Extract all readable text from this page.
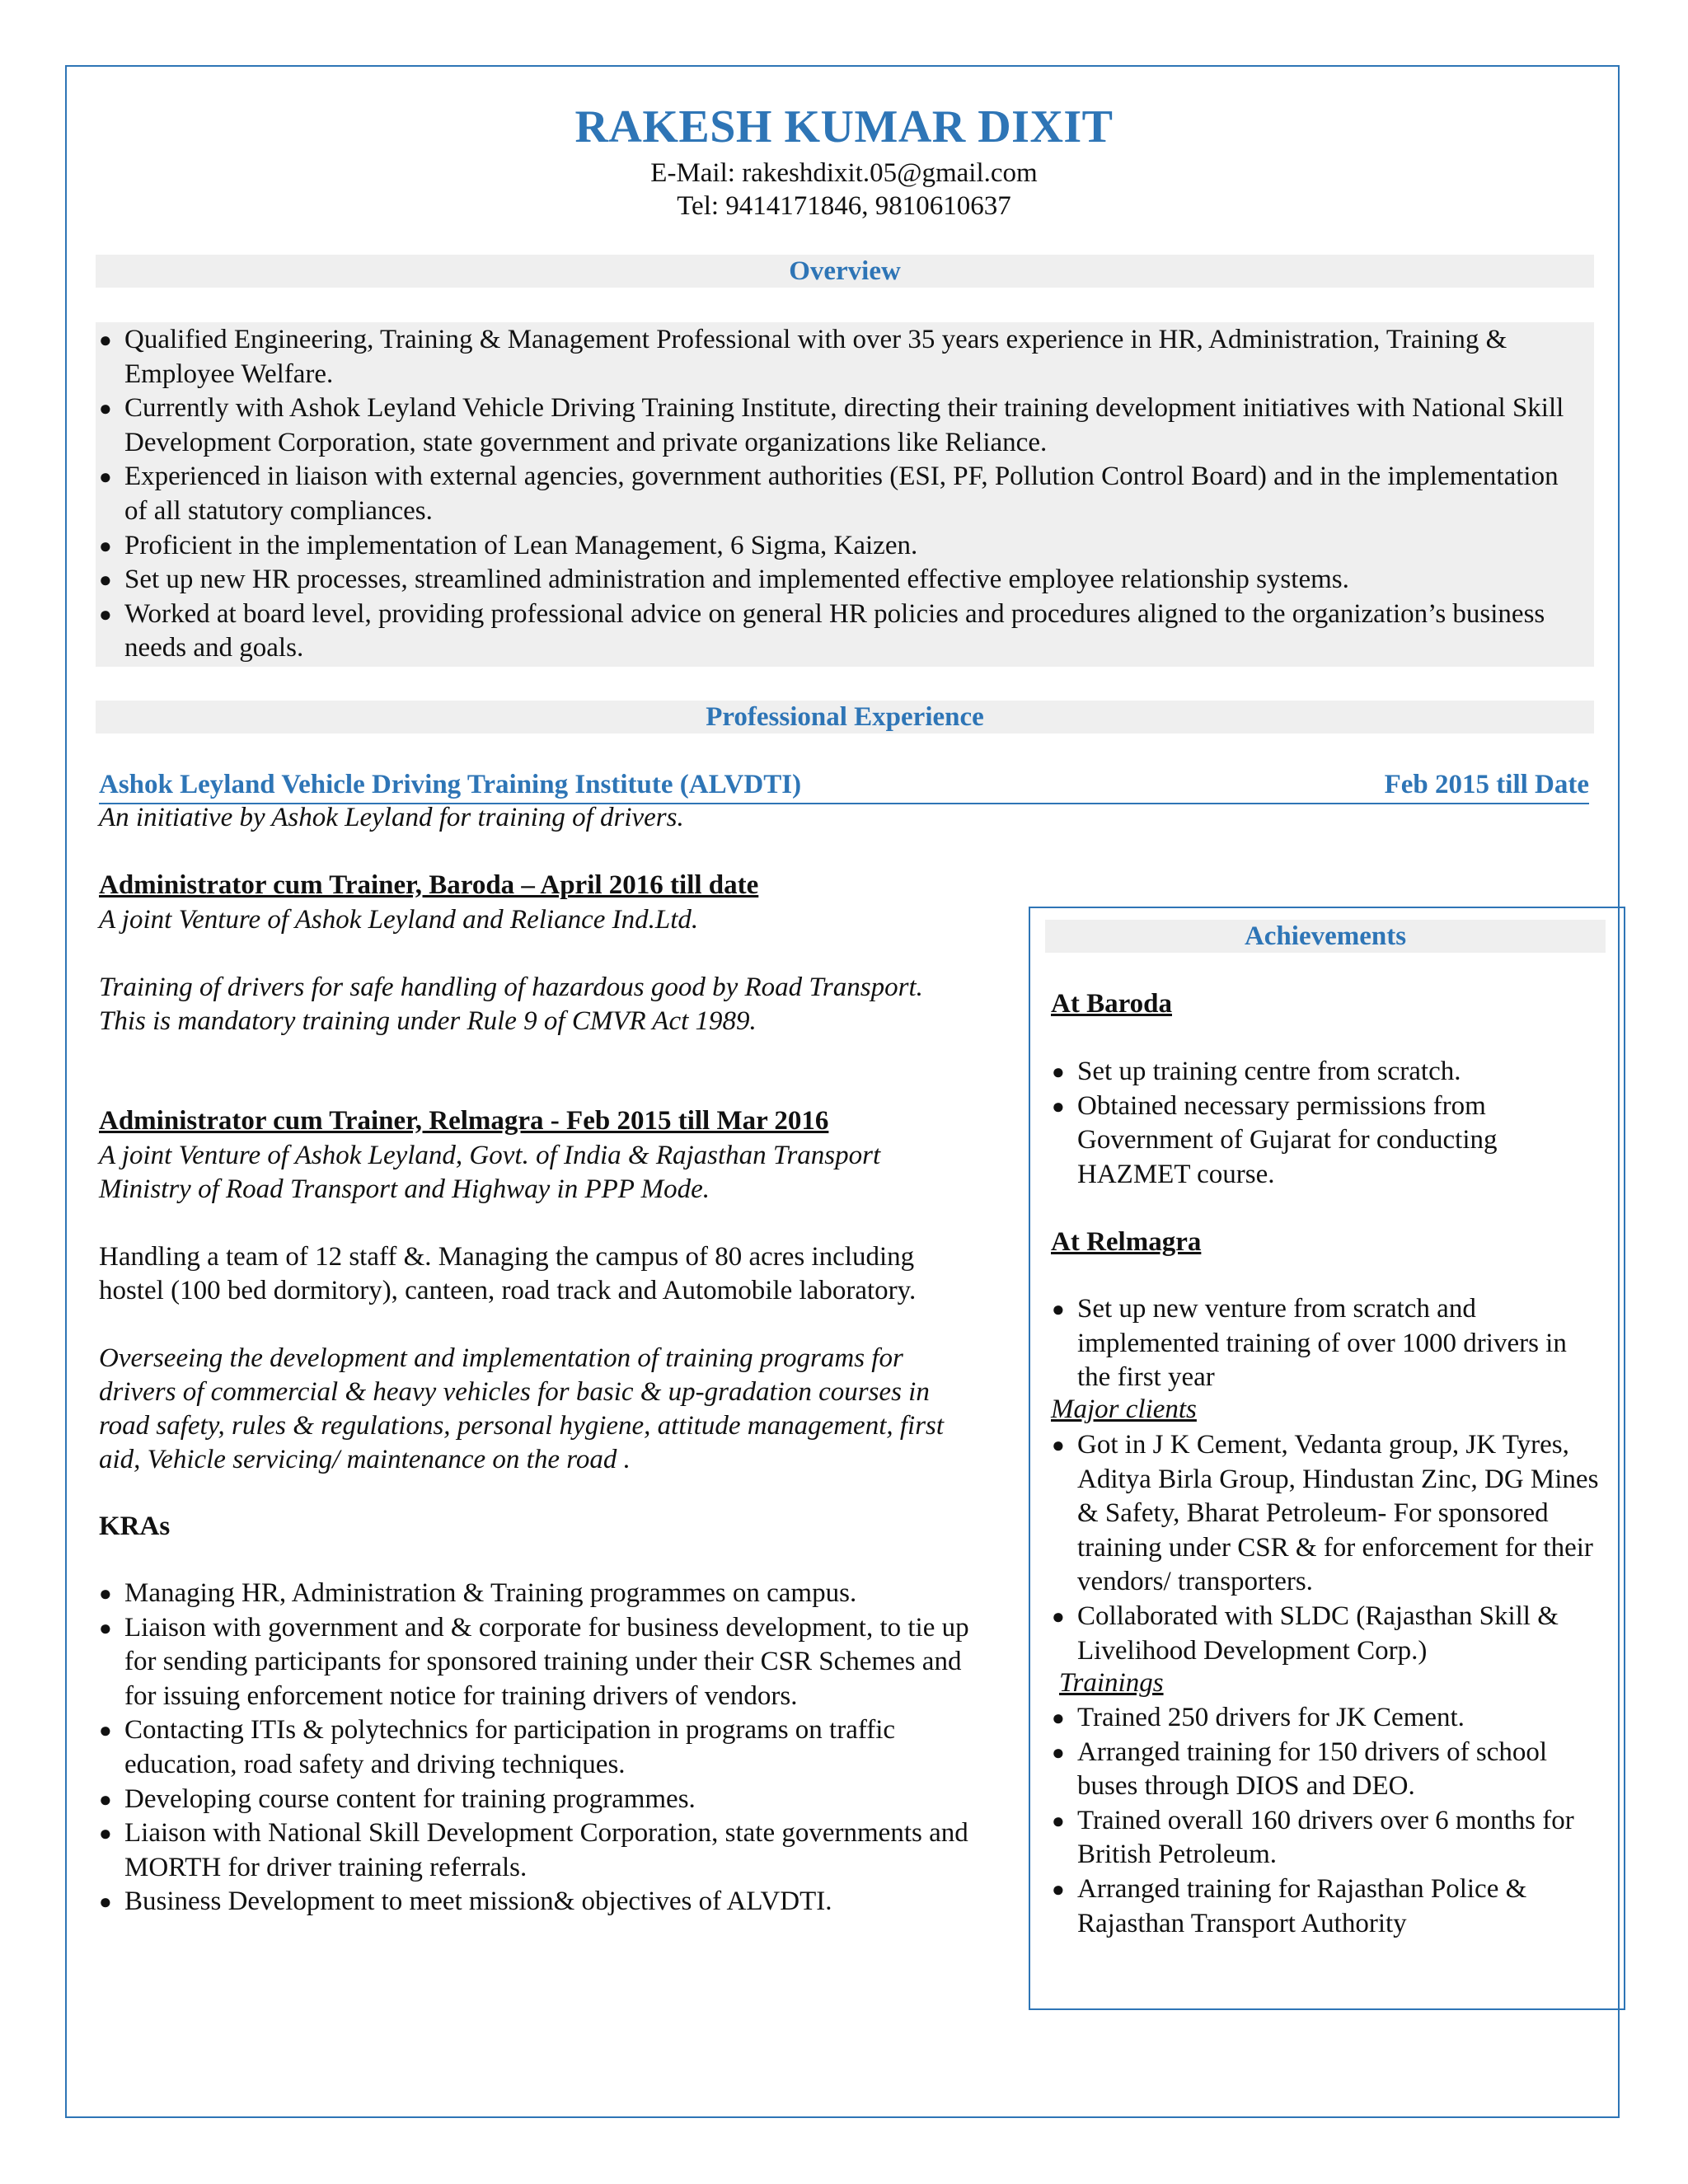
RAKESH KUMAR DIXIT
E-Mail: rakeshdixit.05@gmail.com
Tel: 9414171846, 9810610637
Overview
● Qualified Engineering, Training & Management Professional with over 35 years experience in HR, Administration, Training & Employee Welfare.
● Currently with Ashok Leyland Vehicle Driving Training Institute, directing their training development initiatives with National Skill Development Corporation, state government and private organizations like Reliance.
● Experienced in liaison with external agencies, government authorities (ESI, PF, Pollution Control Board) and in the implementation of all statutory compliances.
● Proficient in the implementation of Lean Management, 6 Sigma, Kaizen.
● Set up new HR processes, streamlined administration and implemented effective employee relationship systems.
● Worked at board level, providing professional advice on general HR policies and procedures aligned to the organization’s business needs and goals.
Professional Experience
Ashok Leyland Vehicle Driving Training Institute (ALVDTI)	Feb 2015 till Date
An initiative by Ashok Leyland for training of drivers.
Administrator cum Trainer, Baroda – April 2016 till date
A joint Venture of Ashok Leyland and Reliance Ind.Ltd.
Training of drivers for safe handling of hazardous good by Road Transport.
This is mandatory training under Rule 9 of CMVR Act 1989.
Administrator cum Trainer, Relmagra - Feb 2015 till Mar 2016
A joint Venture of Ashok Leyland, Govt. of India & Rajasthan Transport
Ministry of Road Transport and Highway in PPP Mode.
Handling a team of 12 staff &. Managing the campus of 80 acres including
hostel (100 bed dormitory), canteen, road track and Automobile laboratory.
Overseeing the development and implementation of training programs for
drivers of commercial & heavy vehicles for basic & up-gradation courses in
road safety, rules & regulations, personal hygiene, attitude management, first
aid, Vehicle servicing/ maintenance on the road .
KRAs
● Managing HR, Administration & Training programmes on campus.
● Liaison with government and & corporate for business development, to tie up for sending participants for sponsored training under their CSR Schemes and for issuing enforcement notice for training drivers of vendors.
● Contacting ITIs & polytechnics for participation in programs on traffic education, road safety and driving techniques.
● Developing course content for training programmes.
● Liaison with National Skill Development Corporation, state governments and MORTH for driver training referrals.
● Business Development to meet mission& objectives of ALVDTI.
Achievements
At Baroda
● Set up training centre from scratch.
● Obtained necessary permissions from Government of Gujarat for conducting HAZMET course.
At Relmagra
● Set up new venture from scratch and implemented training of over 1000 drivers in the first year
Major clients
● Got in J K Cement, Vedanta group, JK Tyres, Aditya Birla Group, Hindustan Zinc, DG Mines & Safety, Bharat Petroleum- For sponsored training under CSR & for enforcement for their vendors/ transporters.
● Collaborated with SLDC (Rajasthan Skill & Livelihood Development Corp.)
Trainings
● Trained 250 drivers for JK Cement.
● Arranged training for 150 drivers of school buses through DIOS and DEO.
● Trained overall 160 drivers over 6 months for British Petroleum.
● Arranged training for Rajasthan Police & Rajasthan Transport Authority
